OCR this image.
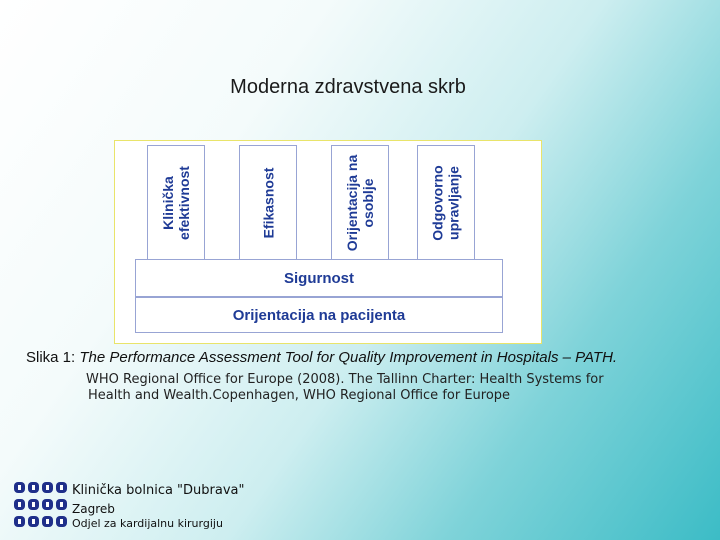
Moderna zdravstvena skrb
Klinička
efektivnost	Efikasnost	Orijentacija na
osoblje	Odgovorno
upravljanje
Sigurnost
Orijentacija na pacijenta
Slika 1: The Performance Assessment Tool for Quality Improvement in Hospitals – PATH.
WHO Regional Office for Europe (2008). The Tallinn Charter: Health Systems for
Health and Wealth.Copenhagen, WHO Regional Office for Europe
Klinička bolnica "Dubrava"
Zagreb
Odjel za kardijalnu kirurgiju
